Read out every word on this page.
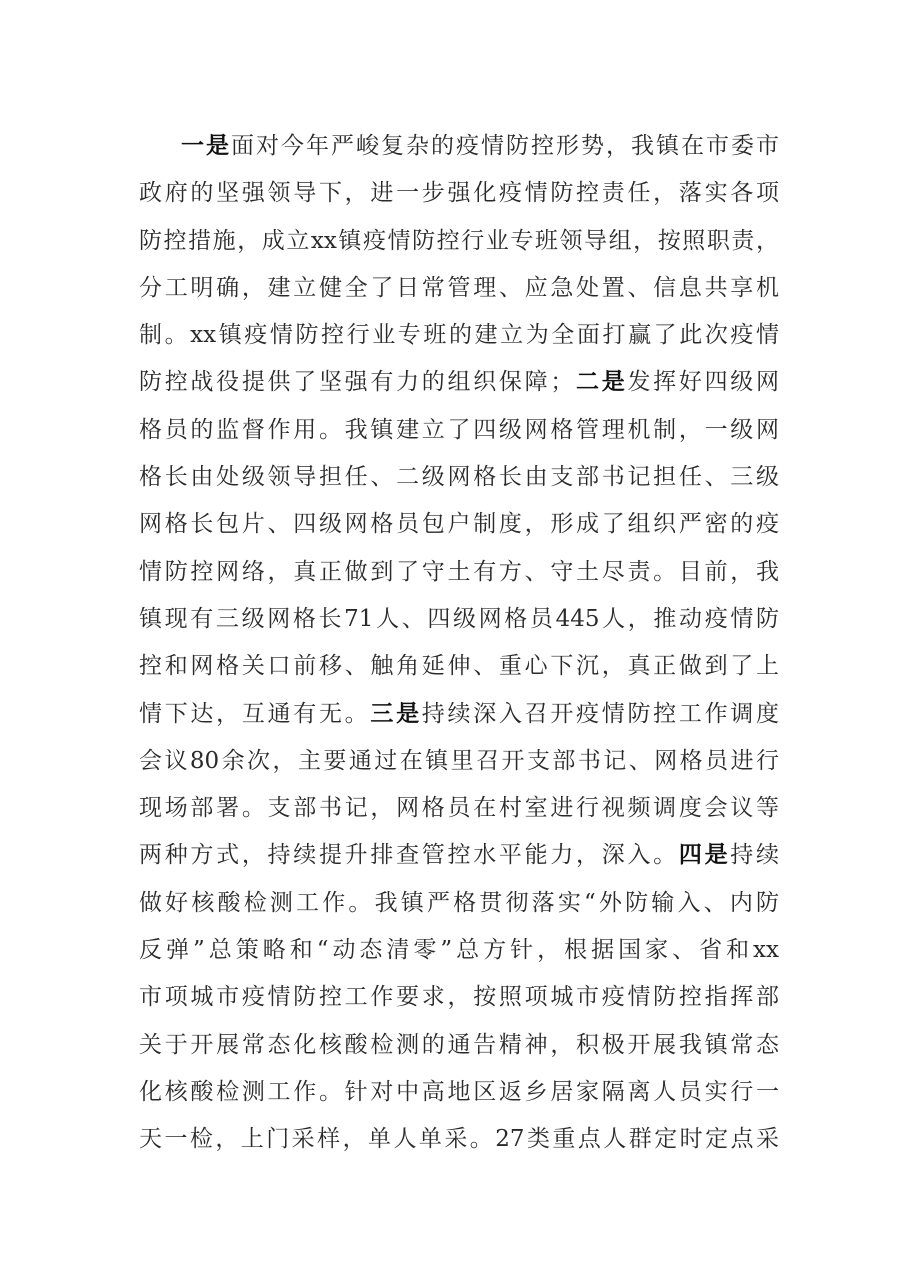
一是面对今年严峻复杂的疫情防控形势，我镇在市委市
政府的坚强领导下，进一步强化疫情防控责任，落实各项
防控措施，成立xx镇疫情防控行业专班领导组，按照职责，
分工明确，建立健全了日常管理、应急处置、信息共享机
制。xx镇疫情防控行业专班的建立为全面打赢了此次疫情
防控战役提供了坚强有力的组织保障；二是发挥好四级网
格员的监督作用。我镇建立了四级网格管理机制，一级网
格长由处级领导担任、二级网格长由支部书记担任、三级
网格长包片、四级网格员包户制度，形成了组织严密的疫
情防控网络，真正做到了守土有方、守土尽责。目前，我
镇现有三级网格长71人、四级网格员445人，推动疫情防
控和网格关口前移、触角延伸、重心下沉，真正做到了上
情下达，互通有无。三是持续深入召开疫情防控工作调度
会议80余次，主要通过在镇里召开支部书记、网格员进行
现场部署。支部书记，网格员在村室进行视频调度会议等
两种方式，持续提升排查管控水平能力，深入。四是持续
做好核酸检测工作。我镇严格贯彻落实“外防输入、内防
反弹”总策略和“动态清零”总方针，根据国家、省和xx
市项城市疫情防控工作要求，按照项城市疫情防控指挥部
关于开展常态化核酸检测的通告精神，积极开展我镇常态
化核酸检测工作。针对中高地区返乡居家隔离人员实行一
天一检，上门采样，单人单采。27类重点人群定时定点采
